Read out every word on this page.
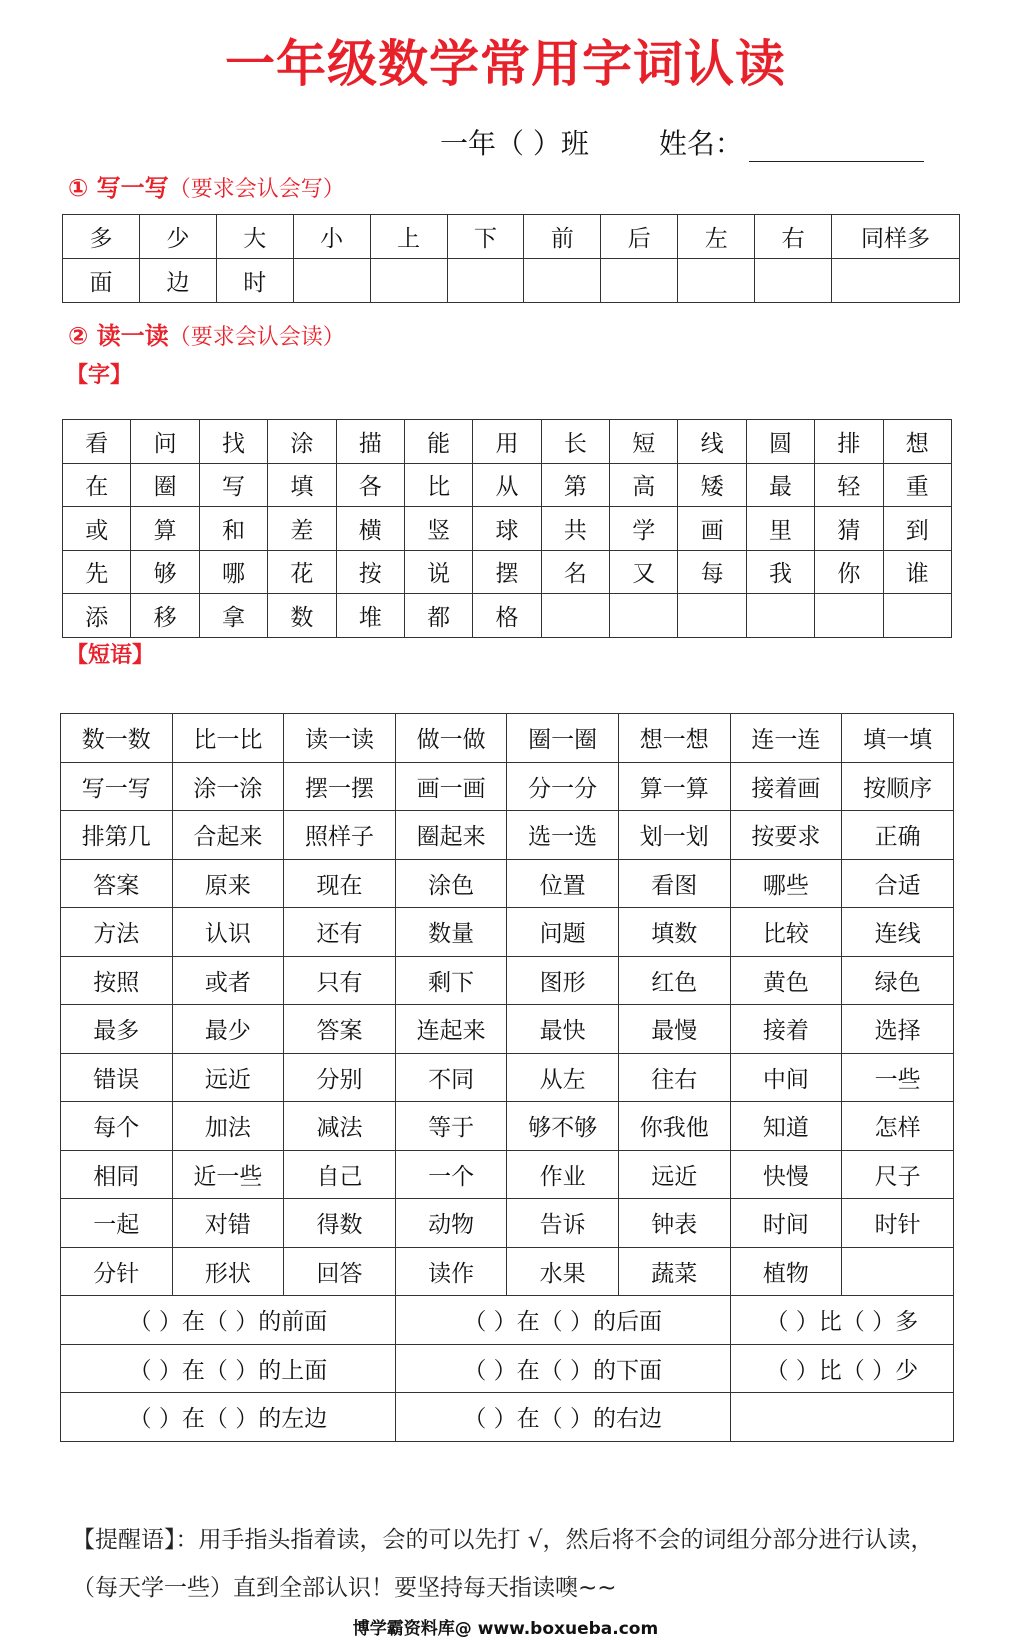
一年级数学常用字词认读
一年（ ）班	姓名：
① 写一写（要求会认会写）
多	少	大	小	上	下	前	后	左	右	同样多
面	边	时								
② 读一读（要求会认会读）
【字】
看	问	找	涂	描	能	用	长	短	线	圆	排	想
在	圈	写	填	各	比	从	第	高	矮	最	轻	重
或	算	和	差	横	竖	球	共	学	画	里	猜	到
先	够	哪	花	按	说	摆	名	又	每	我	你	谁
添	移	拿	数	堆	都	格						
【短语】
数一数	比一比	读一读	做一做	圈一圈	想一想	连一连	填一填
写一写	涂一涂	摆一摆	画一画	分一分	算一算	接着画	按顺序
排第几	合起来	照样子	圈起来	选一选	划一划	按要求	正确
答案	原来	现在	涂色	位置	看图	哪些	合适
方法	认识	还有	数量	问题	填数	比较	连线
按照	或者	只有	剩下	图形	红色	黄色	绿色
最多	最少	答案	连起来	最快	最慢	接着	选择
错误	远近	分别	不同	从左	往右	中间	一些
每个	加法	减法	等于	够不够	你我他	知道	怎样
相同	近一些	自己	一个	作业	远近	快慢	尺子
一起	对错	得数	动物	告诉	钟表	时间	时针
分针	形状	回答	读作	水果	蔬菜	植物	
（ ）在（ ）的前面			（ ）在（ ）的后面			（ ）比（ ）多	
（ ）在（ ）的上面			（ ）在（ ）的下面			（ ）比（ ）少	
（ ）在（ ）的左边			（ ）在（ ）的右边				
【提醒语】：用手指头指着读，会的可以先打 √，然后将不会的词组分部分进行认读，（每天学一些）直到全部认识！要坚持每天指读噢~~
博学霸资料库@ www.boxueba.com
